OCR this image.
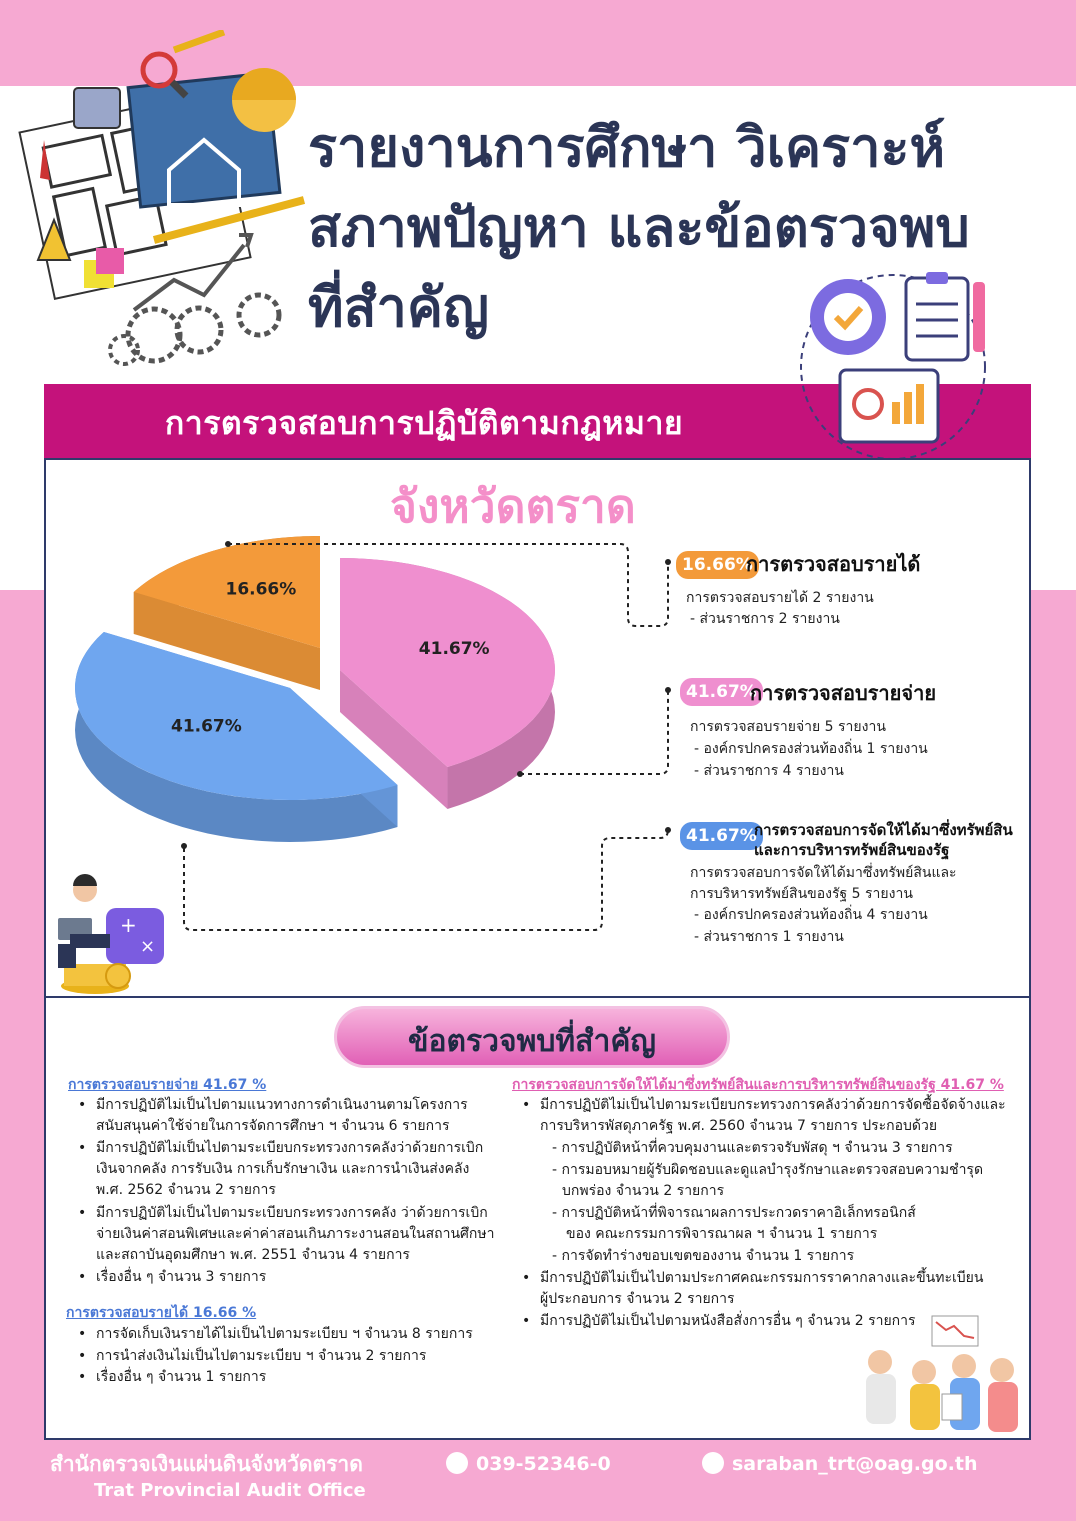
รายงานการศึกษา วิเคราะห์
สภาพปัญหา และข้อตรวจพบ
ที่สำคัญ
การตรวจสอบการปฏิบัติตามกฎหมาย
จังหวัดตราด
16.66%
41.67%
41.67%
16.66%
การตรวจสอบรายได้
การตรวจสอบรายได้ 2 รายงาน
- ส่วนราชการ 2 รายงาน
41.67%
การตรวจสอบรายจ่าย
การตรวจสอบรายจ่าย 5 รายงาน
- องค์กรปกครองส่วนท้องถิ่น 1 รายงาน
- ส่วนราชการ 4 รายงาน
41.67%
การตรวจสอบการจัดให้ได้มาซึ่งทรัพย์สิน
และการบริหารทรัพย์สินของรัฐ
การตรวจสอบการจัดให้ได้มาซึ่งทรัพย์สินและ
การบริหารทรัพย์สินของรัฐ 5 รายงาน
- องค์กรปกครองส่วนท้องถิ่น 4 รายงาน
- ส่วนราชการ 1 รายงาน
+
×
ข้อตรวจพบที่สำคัญ
การตรวจสอบรายจ่าย 41.67 %
• มีการปฏิบัติไม่เป็นไปตามแนวทางการดำเนินงานตามโครงการ
สนับสนุนค่าใช้จ่ายในการจัดการศึกษา ฯ จำนวน 6 รายการ
• มีการปฏิบัติไม่เป็นไปตามระเบียบกระทรวงการคลังว่าด้วยการเบิก
เงินจากคลัง การรับเงิน การเก็บรักษาเงิน และการนำเงินส่งคลัง
พ.ศ. 2562 จำนวน 2 รายการ
• มีการปฏิบัติไม่เป็นไปตามระเบียบกระทรวงการคลัง ว่าด้วยการเบิก
จ่ายเงินค่าสอนพิเศษและค่าค่าสอนเกินภาระงานสอนในสถานศึกษา
และสถาบันอุดมศึกษา พ.ศ. 2551 จำนวน 4 รายการ
• เรื่องอื่น ๆ จำนวน 3 รายการ
การตรวจสอบรายได้ 16.66 %
• การจัดเก็บเงินรายได้ไม่เป็นไปตามระเบียบ ฯ จำนวน 8 รายการ
• การนำส่งเงินไม่เป็นไปตามระเบียบ ฯ จำนวน 2 รายการ
• เรื่องอื่น ๆ จำนวน 1 รายการ
การตรวจสอบการจัดให้ได้มาซึ่งทรัพย์สินและการบริหารทรัพย์สินของรัฐ 41.67 %
• มีการปฏิบัติไม่เป็นไปตามระเบียบกระทรวงการคลังว่าด้วยการจัดซื้อจัดจ้างและ
การบริหารพัสดุภาครัฐ พ.ศ. 2560 จำนวน 7 รายการ ประกอบด้วย
- การปฏิบัติหน้าที่ควบคุมงานและตรวจรับพัสดุ ฯ จำนวน 3 รายการ
- การมอบหมายผู้รับผิดชอบและดูแลบำรุงรักษาและตรวจสอบความชำรุด
บกพร่อง จำนวน 2 รายการ
- การปฏิบัติหน้าที่พิจารณาผลการประกวดราคาอิเล็กทรอนิกส์
ของ คณะกรรมการพิจารณาผล ฯ จำนวน 1 รายการ
- การจัดทำร่างขอบเขตของงาน จำนวน 1 รายการ
• มีการปฏิบัติไม่เป็นไปตามประกาศคณะกรรมการราคากลางและขึ้นทะเบียน
ผู้ประกอบการ จำนวน 2 รายการ
• มีการปฏิบัติไม่เป็นไปตามหนังสือสั่งการอื่น ๆ จำนวน 2 รายการ
สำนักตรวจเงินแผ่นดินจังหวัดตราด
Trat Provincial Audit Office
039-52346-0	saraban_trt@oag.go.th
